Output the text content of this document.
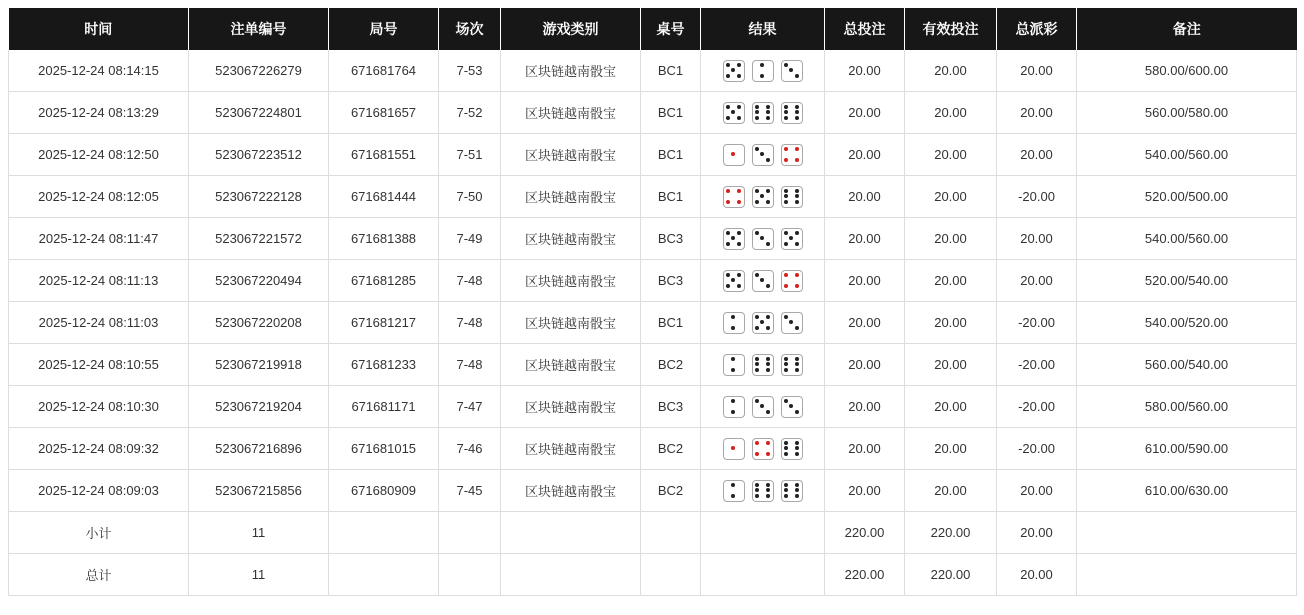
时间	注单编号	局号	场次	游戏类别	桌号	结果	总投注	有效投注	总派彩	备注
2025-12-24 08:14:15	523067226279	671681764	7-53	区块链越南骰宝	BC1		20.00	20.00	20.00	580.00/600.00
2025-12-24 08:13:29	523067224801	671681657	7-52	区块链越南骰宝	BC1		20.00	20.00	20.00	560.00/580.00
2025-12-24 08:12:50	523067223512	671681551	7-51	区块链越南骰宝	BC1		20.00	20.00	20.00	540.00/560.00
2025-12-24 08:12:05	523067222128	671681444	7-50	区块链越南骰宝	BC1		20.00	20.00	-20.00	520.00/500.00
2025-12-24 08:11:47	523067221572	671681388	7-49	区块链越南骰宝	BC3		20.00	20.00	20.00	540.00/560.00
2025-12-24 08:11:13	523067220494	671681285	7-48	区块链越南骰宝	BC3		20.00	20.00	20.00	520.00/540.00
2025-12-24 08:11:03	523067220208	671681217	7-48	区块链越南骰宝	BC1		20.00	20.00	-20.00	540.00/520.00
2025-12-24 08:10:55	523067219918	671681233	7-48	区块链越南骰宝	BC2		20.00	20.00	-20.00	560.00/540.00
2025-12-24 08:10:30	523067219204	671681171	7-47	区块链越南骰宝	BC3		20.00	20.00	-20.00	580.00/560.00
2025-12-24 08:09:32	523067216896	671681015	7-46	区块链越南骰宝	BC2		20.00	20.00	-20.00	610.00/590.00
2025-12-24 08:09:03	523067215856	671680909	7-45	区块链越南骰宝	BC2		20.00	20.00	20.00	610.00/630.00
小计	11						220.00	220.00	20.00	
总计	11						220.00	220.00	20.00	
